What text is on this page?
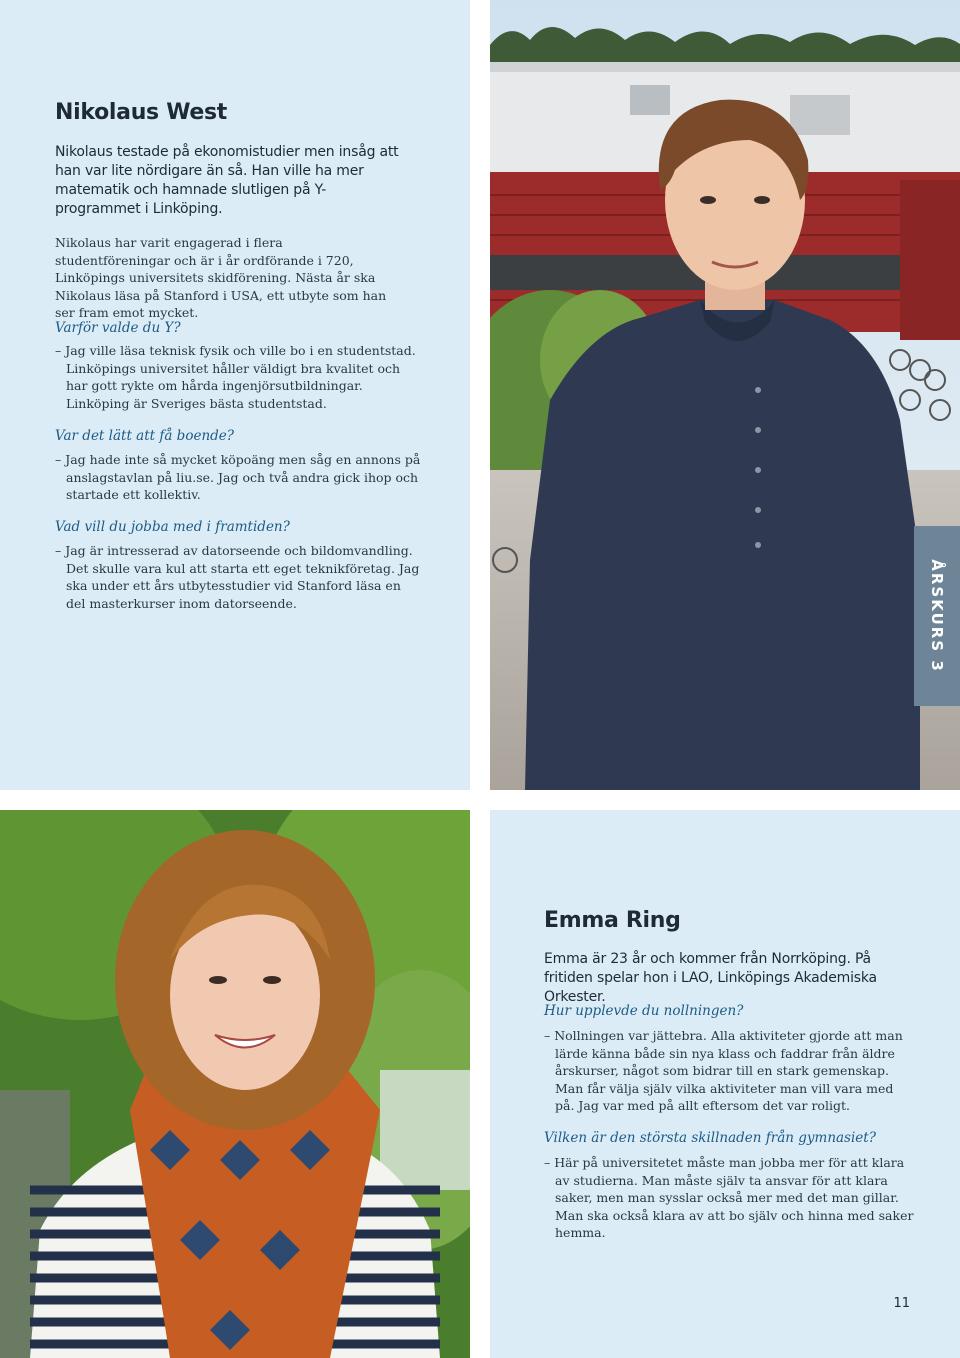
Nikolaus West
Nikolaus testade på ekonomistudier men insåg att han var lite nördigare än så. Han ville ha mer matematik och hamnade slutligen på Y-programmet i Linköping.
Nikolaus har varit engagerad i flera studentföreningar och är i år ordförande i 720, Linköpings universitets skidförening. Nästa år ska Nikolaus läsa på Stanford i USA, ett utbyte som han ser fram emot mycket.
Varför valde du Y?
– Jag ville läsa teknisk fysik och ville bo i en studentstad. Linköpings universitet håller väldigt bra kvalitet och har gott rykte om hårda ingenjörsutbildningar. Linköping är Sveriges bästa studentstad.
Var det lätt att få boende?
– Jag hade inte så mycket köpoäng men såg en annons på anslagstavlan på liu.se. Jag och två andra gick ihop och startade ett kollektiv.
Vad vill du jobba med i framtiden?
– Jag är intresserad av datorseende och bildomvandling. Det skulle vara kul att starta ett eget teknikföretag. Jag ska under ett års utbytesstudier vid Stanford läsa en del masterkurser inom datorseende.	ÅRSKURS 3
Emma Ring
Emma är 23 år och kommer från Norrköping. På fritiden spelar hon i LAO, Linköpings Akademiska Orkester.
Hur upplevde du nollningen?
– Nollningen var jättebra. Alla aktiviteter gjorde att man lärde känna både sin nya klass och faddrar från äldre årskurser, något som bidrar till en stark gemenskap. Man får välja själv vilka aktiviteter man vill vara med på. Jag var med på allt eftersom det var roligt.
Vilken är den största skillnaden från gymnasiet?
– Här på universitetet måste man jobba mer för att klara av studierna. Man måste själv ta ansvar för att klara saker, men man sysslar också mer med det man gillar. Man ska också klara av att bo själv och hinna med saker hemma.
11
